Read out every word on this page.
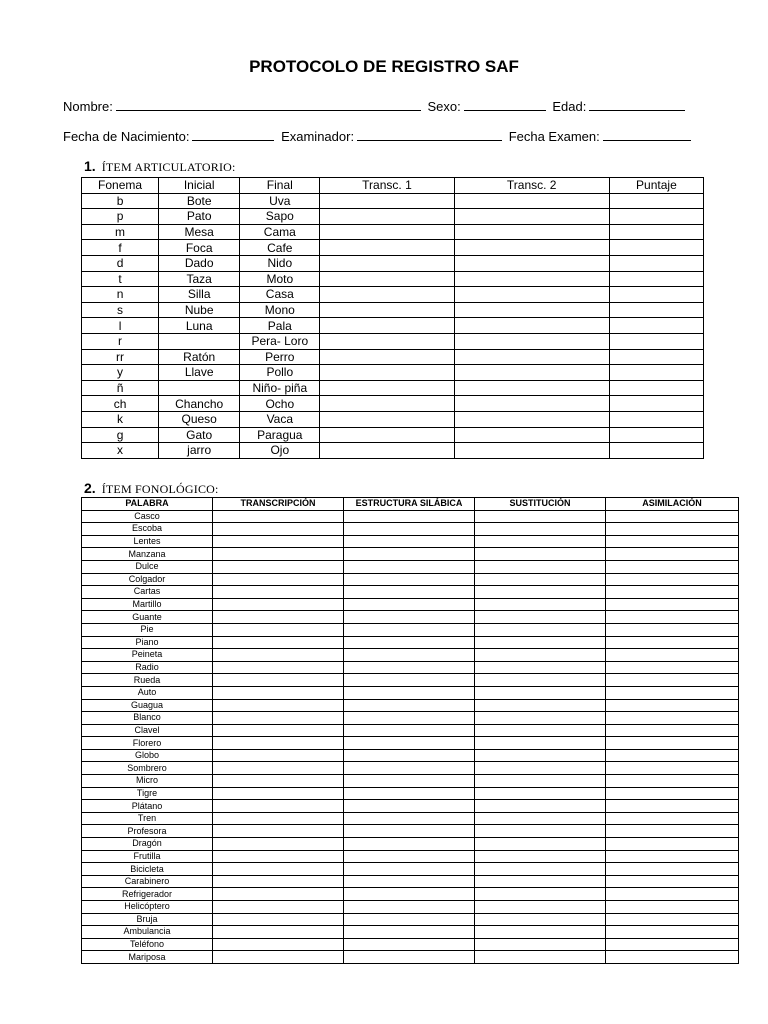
PROTOCOLO DE REGISTRO SAF
Nombre:	Sexo:	Edad:
Fecha de Nacimiento:	Examinador:	Fecha Examen:
1. ÍTEM ARTICULATORIO:
Fonema	Inicial	Final	Transc. 1	Transc. 2	Puntaje
b	Bote	Uva			
p	Pato	Sapo			
m	Mesa	Cama			
f	Foca	Cafe			
d	Dado	Nido			
t	Taza	Moto			
n	Silla	Casa			
s	Nube	Mono			
l	Luna	Pala			
r		Pera- Loro			
rr	Ratón	Perro			
y	Llave	Pollo			
ñ		Niño- piña			
ch	Chancho	Ocho			
k	Queso	Vaca			
g	Gato	Paragua			
x	jarro	Ojo			
2. ÍTEM FONOLÓGICO:
PALABRA	TRANSCRIPCIÓN	ESTRUCTURA SILÁBICA	SUSTITUCIÓN	ASIMILACIÓN
Casco				
Escoba				
Lentes				
Manzana				
Dulce				
Colgador				
Cartas				
Martillo				
Guante				
Pie				
Piano				
Peineta				
Radio				
Rueda				
Auto				
Guagua				
Blanco				
Clavel				
Florero				
Globo				
Sombrero				
Micro				
Tigre				
Plátano				
Tren				
Profesora				
Dragón				
Frutilla				
Bicicleta				
Carabinero				
Refrigerador				
Helicóptero				
Bruja				
Ambulancia				
Teléfono				
Mariposa				
